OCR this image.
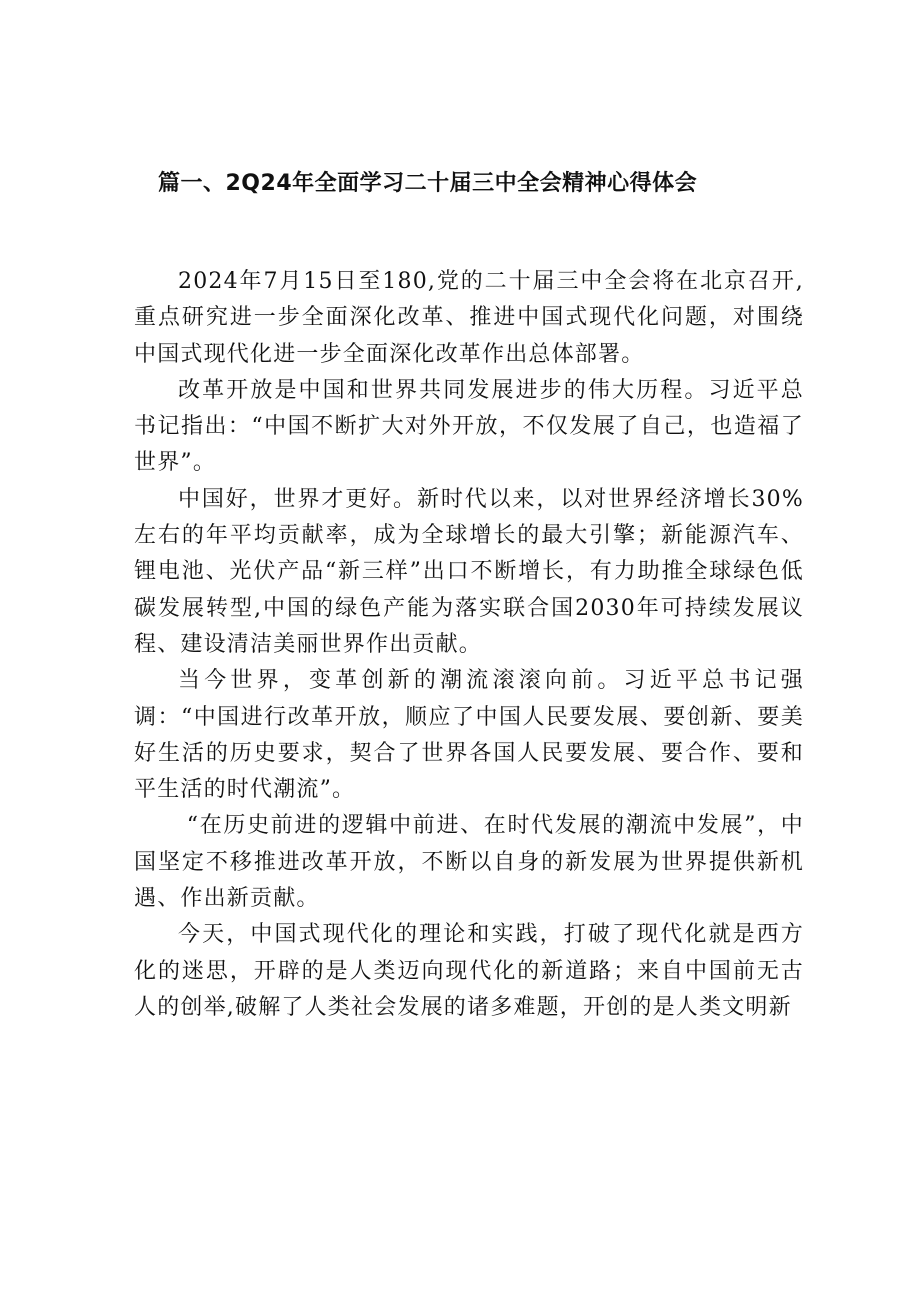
篇一、2Q24年全面学习二十届三中全会精神心得体会

2024年7月15日至180,党的二十届三中全会将在北京召开,重点研究进一步全面深化改革、推进中国式现代化问题，对围绕中国式现代化进一步全面深化改革作出总体部署。

改革开放是中国和世界共同发展进步的伟大历程。习近平总书记指出：“中国不断扩大对外开放，不仅发展了自己，也造福了世界”。

中国好，世界才更好。新时代以来，以对世界经济增长30%左右的年平均贡献率，成为全球增长的最大引擎；新能源汽车、锂电池、光伏产品“新三样”出口不断增长，有力助推全球绿色低碳发展转型,中国的绿色产能为落实联合国2030年可持续发展议程、建设清洁美丽世界作出贡献。

当今世界，变革创新的潮流滚滚向前。习近平总书记强调：“中国进行改革开放，顺应了中国人民要发展、要创新、要美好生活的历史要求，契合了世界各国人民要发展、要合作、要和平生活的时代潮流”。

“在历史前进的逻辑中前进、在时代发展的潮流中发展”，中国坚定不移推进改革开放，不断以自身的新发展为世界提供新机遇、作出新贡献。

今天，中国式现代化的理论和实践，打破了现代化就是西方化的迷思，开辟的是人类迈向现代化的新道路；来自中国前无古人的创举,破解了人类社会发展的诸多难题，开创的是人类文明新
